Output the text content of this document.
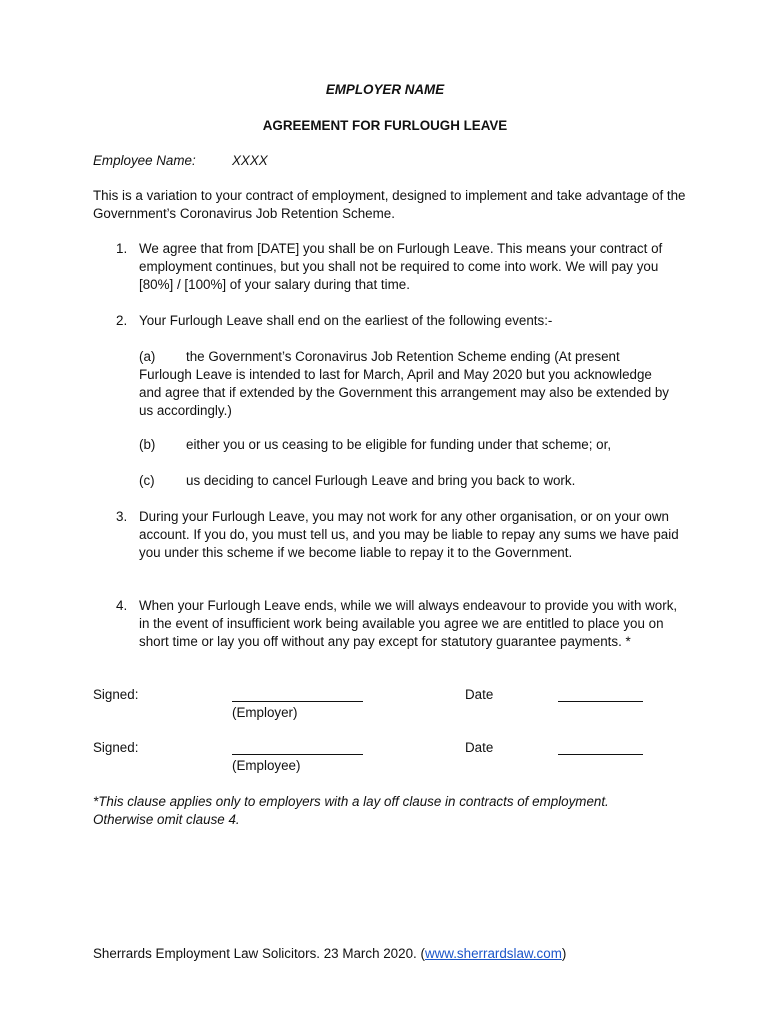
EMPLOYER NAME

AGREEMENT FOR FURLOUGH LEAVE

Employee Name:	XXXX

This is a variation to your contract of employment, designed to implement and take advantage of the Government’s Coronavirus Job Retention Scheme.

1. We agree that from [DATE] you shall be on Furlough Leave. This means your contract of employment continues, but you shall not be required to come into work. We will pay you [80%] / [100%] of your salary during that time.

2. Your Furlough Leave shall end on the earliest of the following events:-

(a)	the Government’s Coronavirus Job Retention Scheme ending (At present Furlough Leave is intended to last for March, April and May 2020 but you acknowledge and agree that if extended by the Government this arrangement may also be extended by us accordingly.)

(b) either you or us ceasing to be eligible for funding under that scheme; or,

(c) us deciding to cancel Furlough Leave and bring you back to work.

3. During your Furlough Leave, you may not work for any other organisation, or on your own account. If you do, you must tell us, and you may be liable to repay any sums we have paid you under this scheme if we become liable to repay it to the Government.

4. When your Furlough Leave ends, while we will always endeavour to provide you with work, in the event of insufficient work being available you agree we are entitled to place you on short time or lay you off without any pay except for statutory guarantee payments. *

Signed:

(Employer)

Date

Signed:

(Employee)

Date

*This clause applies only to employers with a lay off clause in contracts of employment. Otherwise omit clause 4.

Sherrards Employment Law Solicitors. 23 March 2020. (www.sherrardslaw.com)
